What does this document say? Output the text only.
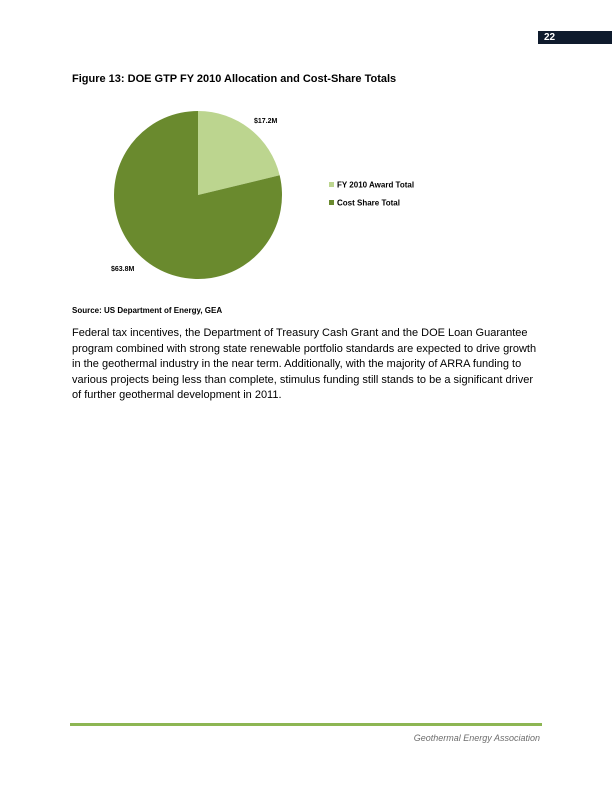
22
Figure 13: DOE GTP FY 2010 Allocation and Cost-Share Totals
$17.2M
$63.8M
FY 2010 Award Total
Cost Share Total
Source: US Department of Energy, GEA

Federal tax incentives, the Department of Treasury Cash Grant and the DOE Loan Guarantee program combined with strong state renewable portfolio standards are expected to drive growth in the geothermal industry in the near term. Additionally, with the majority of ARRA funding to various projects being less than complete, stimulus funding still stands to be a significant driver of further geothermal development in 2011.

Geothermal Energy Association
